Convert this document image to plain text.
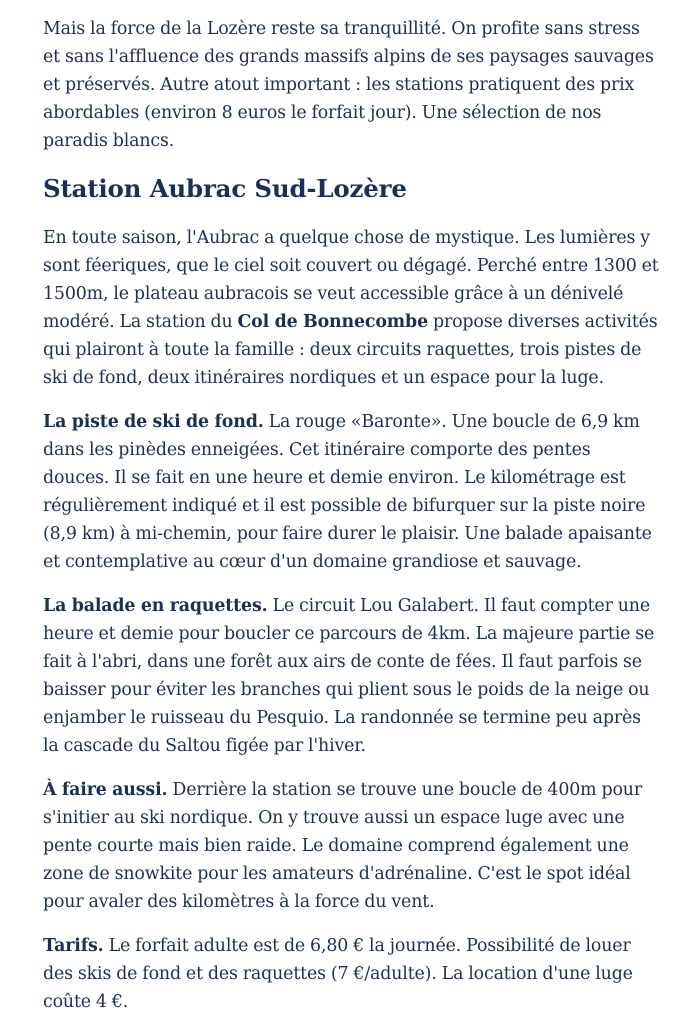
Mais la force de la Lozère reste sa tranquillité. On profite sans stress et sans l'affluence des grands massifs alpins de ses paysages sauvages et préservés. Autre atout important : les stations pratiquent des prix abordables (environ 8 euros le forfait jour). Une sélection de nos paradis blancs.

Station Aubrac Sud-Lozère

En toute saison, l'Aubrac a quelque chose de mystique. Les lumières y sont féeriques, que le ciel soit couvert ou dégagé. Perché entre 1300 et 1500m, le plateau aubracois se veut accessible grâce à un dénivelé modéré. La station du Col de Bonnecombe propose diverses activités qui plairont à toute la famille : deux circuits raquettes, trois pistes de ski de fond, deux itinéraires nordiques et un espace pour la luge.

La piste de ski de fond. La rouge «Baronte». Une boucle de 6,9 km dans les pinèdes enneigées. Cet itinéraire comporte des pentes douces. Il se fait en une heure et demie environ. Le kilométrage est régulièrement indiqué et il est possible de bifurquer sur la piste noire (8,9 km) à mi-chemin, pour faire durer le plaisir. Une balade apaisante et contemplative au cœur d'un domaine grandiose et sauvage.

La balade en raquettes. Le circuit Lou Galabert. Il faut compter une heure et demie pour boucler ce parcours de 4km. La majeure partie se fait à l'abri, dans une forêt aux airs de conte de fées. Il faut parfois se baisser pour éviter les branches qui plient sous le poids de la neige ou enjamber le ruisseau du Pesquio. La randonnée se termine peu après la cascade du Saltou figée par l'hiver.

À faire aussi. Derrière la station se trouve une boucle de 400m pour s'initier au ski nordique. On y trouve aussi un espace luge avec une pente courte mais bien raide. Le domaine comprend également une zone de snowkite pour les amateurs d'adrénaline. C'est le spot idéal pour avaler des kilomètres à la force du vent.

Tarifs. Le forfait adulte est de 6,80 € la journée. Possibilité de louer des skis de fond et des raquettes (7 €/adulte). La location d'une luge coûte 4 €.
